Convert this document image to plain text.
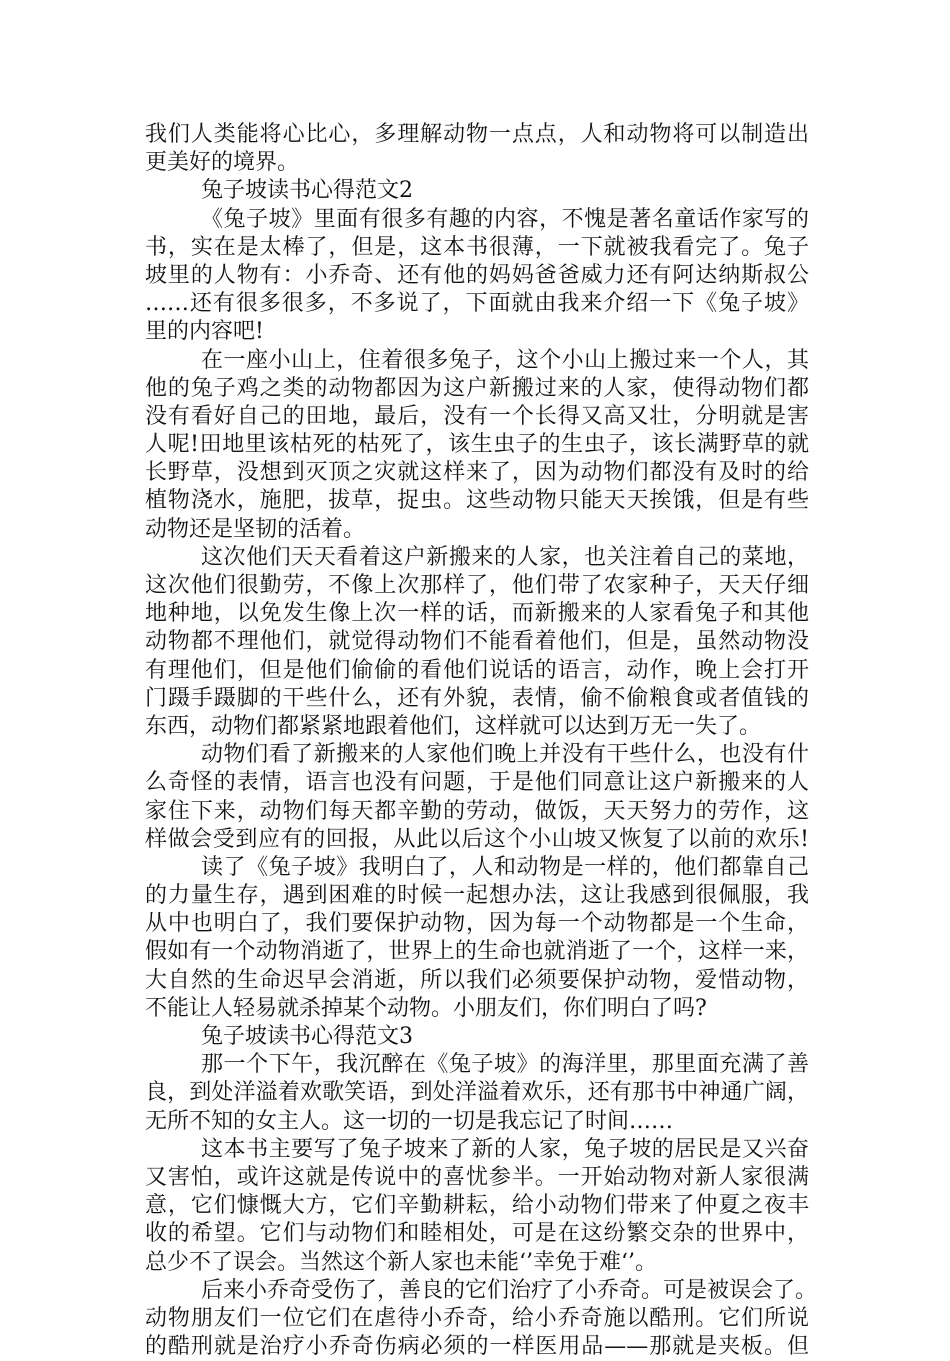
我们人类能将心比心，多理解动物一点点，人和动物将可以制造出
更美好的境界。
兔子坡读书心得范文2
《兔子坡》里面有很多有趣的内容，不愧是著名童话作家写的
书，实在是太棒了，但是，这本书很薄，一下就被我看完了。兔子
坡里的人物有：小乔奇、还有他的妈妈爸爸威力还有阿达纳斯叔公
……还有很多很多，不多说了，下面就由我来介绍一下《兔子坡》
里的内容吧!
在一座小山上，住着很多兔子，这个小山上搬过来一个人，其
他的兔子鸡之类的动物都因为这户新搬过来的人家，使得动物们都
没有看好自己的田地，最后，没有一个长得又高又壮，分明就是害
人呢!田地里该枯死的枯死了，该生虫子的生虫子，该长满野草的就
长野草，没想到灭顶之灾就这样来了，因为动物们都没有及时的给
植物浇水，施肥，拔草，捉虫。这些动物只能天天挨饿，但是有些
动物还是坚韧的活着。
这次他们天天看着这户新搬来的人家，也关注着自己的菜地，
这次他们很勤劳，不像上次那样了，他们带了农家种子，天天仔细
地种地，以免发生像上次一样的话，而新搬来的人家看兔子和其他
动物都不理他们，就觉得动物们不能看着他们，但是，虽然动物没
有理他们，但是他们偷偷的看他们说话的语言，动作，晚上会打开
门蹑手蹑脚的干些什么，还有外貌，表情，偷不偷粮食或者值钱的
东西，动物们都紧紧地跟着他们，这样就可以达到万无一失了。
动物们看了新搬来的人家他们晚上并没有干些什么，也没有什
么奇怪的表情，语言也没有问题，于是他们同意让这户新搬来的人
家住下来，动物们每天都辛勤的劳动，做饭，天天努力的劳作，这
样做会受到应有的回报，从此以后这个小山坡又恢复了以前的欢乐!
读了《兔子坡》我明白了，人和动物是一样的，他们都靠自己
的力量生存，遇到困难的时候一起想办法，这让我感到很佩服，我
从中也明白了，我们要保护动物，因为每一个动物都是一个生命，
假如有一个动物消逝了，世界上的生命也就消逝了一个，这样一来，
大自然的生命迟早会消逝，所以我们必须要保护动物，爱惜动物，
不能让人轻易就杀掉某个动物。小朋友们，你们明白了吗?
兔子坡读书心得范文3
那一个下午，我沉醉在《兔子坡》的海洋里，那里面充满了善
良，到处洋溢着欢歌笑语，到处洋溢着欢乐，还有那书中神通广阔，
无所不知的女主人。这一切的一切是我忘记了时间……
这本书主要写了兔子坡来了新的人家，兔子坡的居民是又兴奋
又害怕，或许这就是传说中的喜忧参半。一开始动物对新人家很满
意，它们慷慨大方，它们辛勤耕耘，给小动物们带来了仲夏之夜丰
收的希望。它们与动物们和睦相处，可是在这纷繁交杂的世界中，
总少不了误会。当然这个新人家也未能‘’幸免于难‘’。
后来小乔奇受伤了，善良的它们治疗了小乔奇。可是被误会了。
动物朋友们一位它们在虐待小乔奇，给小乔奇施以酷刑。它们所说
的酷刑就是治疗小乔奇伤病必须的一样医用品——那就是夹板。但
